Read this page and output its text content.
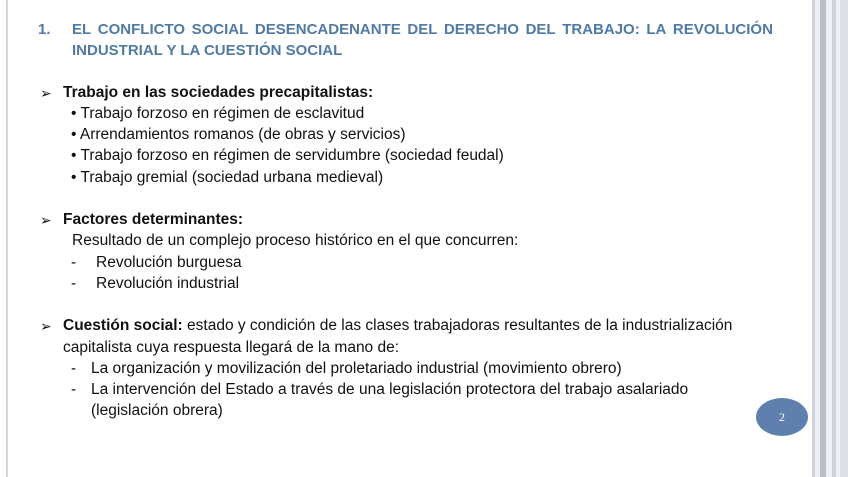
1. EL CONFLICTO SOCIAL DESENCADENANTE DEL DERECHO DEL TRABAJO: LA REVOLUCIÓN
INDUSTRIAL Y LA CUESTIÓN SOCIAL
➢ Trabajo en las sociedades precapitalistas:
• Trabajo forzoso en régimen de esclavitud
• Arrendamientos romanos (de obras y servicios)
• Trabajo forzoso en régimen de servidumbre (sociedad feudal)
• Trabajo gremial (sociedad urbana medieval)
➢ Factores determinantes:
Resultado de un complejo proceso histórico en el que concurren:
- Revolución burguesa
- Revolución industrial
➢ Cuestión social: estado y condición de las clases trabajadoras resultantes de la industrialización
capitalista cuya respuesta llegará de la mano de:
- La organización y movilización del proletariado industrial (movimiento obrero)
- La intervención del Estado a través de una legislación protectora del trabajo asalariado
(legislación obrera)	2
